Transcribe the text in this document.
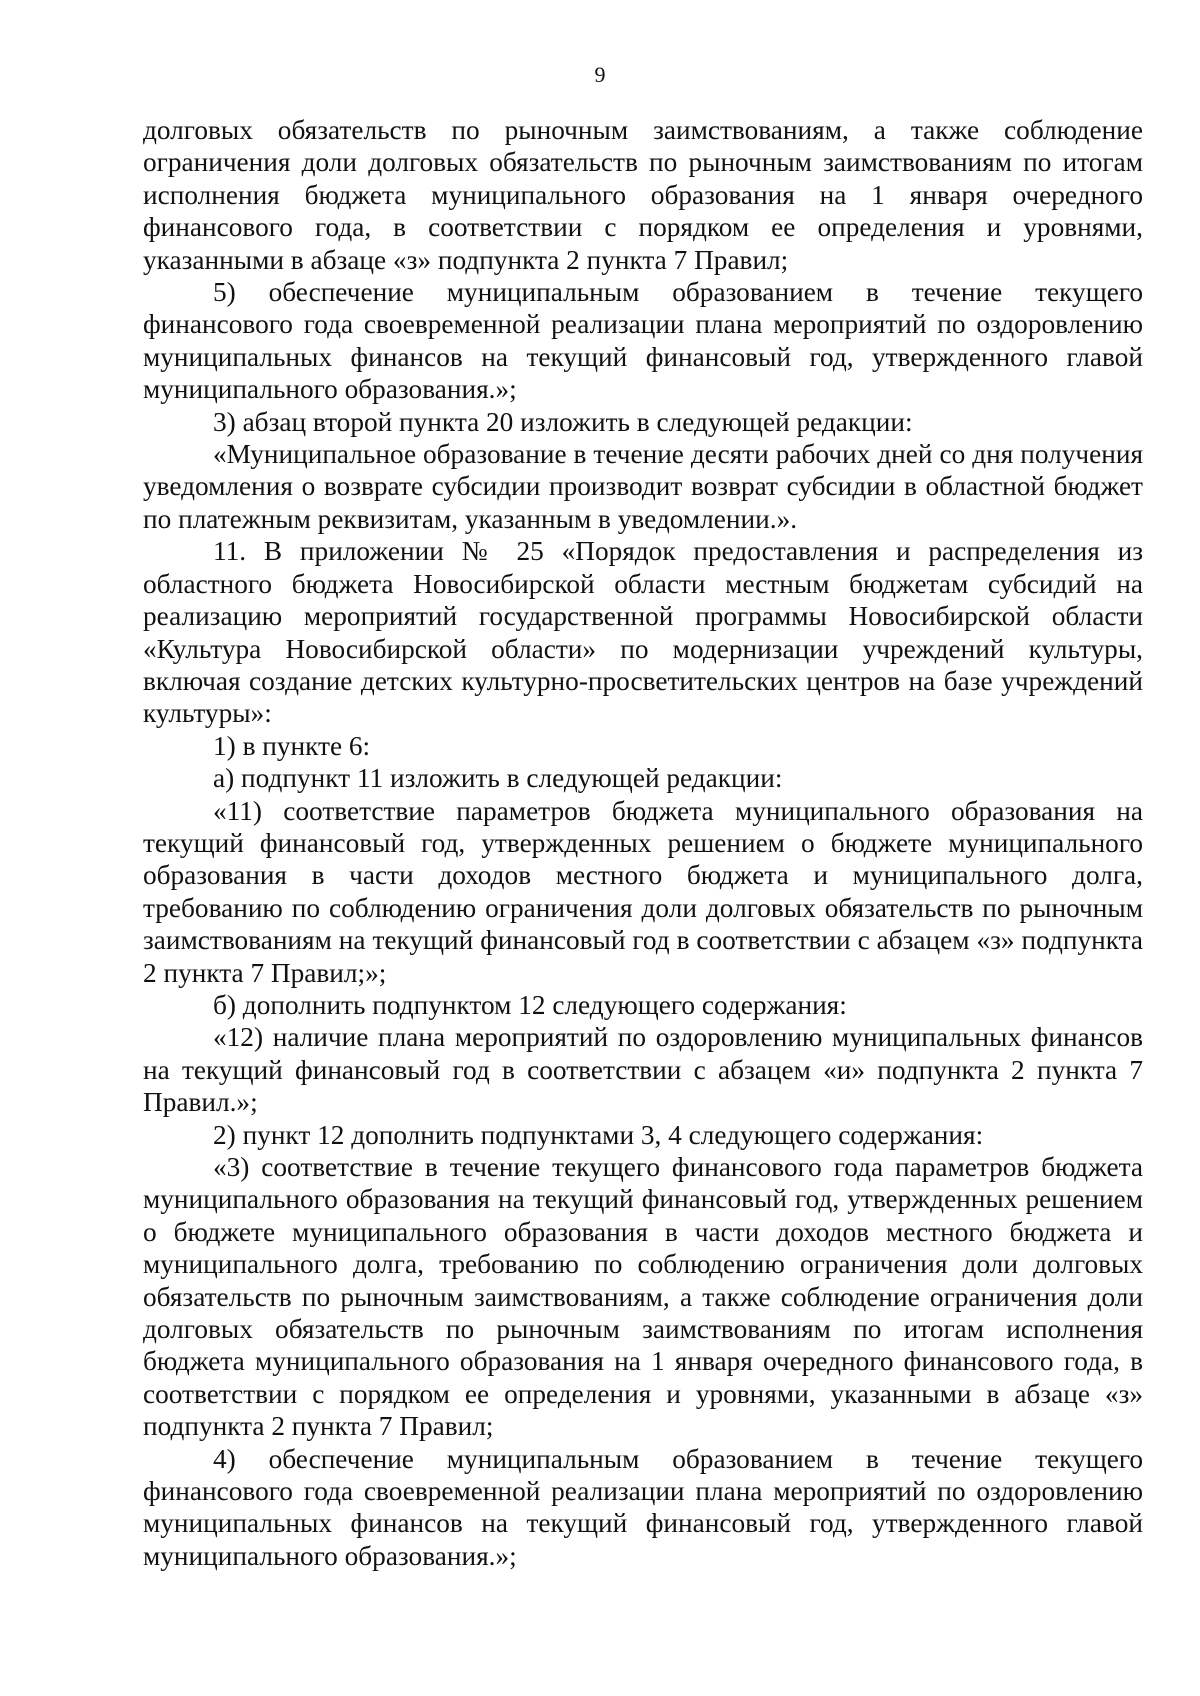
9

долговых обязательств по рыночным заимствованиям, а также соблюдение ограничения доли долговых обязательств по рыночным заимствованиям по итогам исполнения бюджета муниципального образования на 1 января очередного финансового года, в соответствии с порядком ее определения и уровнями, указанными в абзаце «з» подпункта 2 пункта 7 Правил;

5) обеспечение муниципальным образованием в течение текущего финансового года своевременной реализации плана мероприятий по оздоровлению муниципальных финансов на текущий финансовый год, утвержденного главой муниципального образования.»;

3) абзац второй пункта 20 изложить в следующей редакции:

«Муниципальное образование в течение десяти рабочих дней со дня получения уведомления о возврате субсидии производит возврат субсидии в областной бюджет по платежным реквизитам, указанным в уведомлении.».

11. В приложении № 25 «Порядок предоставления и распределения из областного бюджета Новосибирской области местным бюджетам субсидий на реализацию мероприятий государственной программы Новосибирской области «Культура Новосибирской области» по модернизации учреждений культуры, включая создание детских культурно-просветительских центров на базе учреждений культуры»:

1) в пункте 6:

а) подпункт 11 изложить в следующей редакции:

«11) соответствие параметров бюджета муниципального образования на текущий финансовый год, утвержденных решением о бюджете муниципального образования в части доходов местного бюджета и муниципального долга, требованию по соблюдению ограничения доли долговых обязательств по рыночным заимствованиям на текущий финансовый год в соответствии с абзацем «з» подпункта 2 пункта 7 Правил;»;

б) дополнить подпунктом 12 следующего содержания:

«12) наличие плана мероприятий по оздоровлению муниципальных финансов на текущий финансовый год в соответствии с абзацем «и» подпункта 2 пункта 7 Правил.»;

2) пункт 12 дополнить подпунктами 3, 4 следующего содержания:

«3) соответствие в течение текущего финансового года параметров бюджета муниципального образования на текущий финансовый год, утвержденных решением о бюджете муниципального образования в части доходов местного бюджета и муниципального долга, требованию по соблюдению ограничения доли долговых обязательств по рыночным заимствованиям, а также соблюдение ограничения доли долговых обязательств по рыночным заимствованиям по итогам исполнения бюджета муниципального образования на 1 января очередного финансового года, в соответствии с порядком ее определения и уровнями, указанными в абзаце «з» подпункта 2 пункта 7 Правил;

4) обеспечение муниципальным образованием в течение текущего финансового года своевременной реализации плана мероприятий по оздоровлению муниципальных финансов на текущий финансовый год, утвержденного главой муниципального образования.»;
